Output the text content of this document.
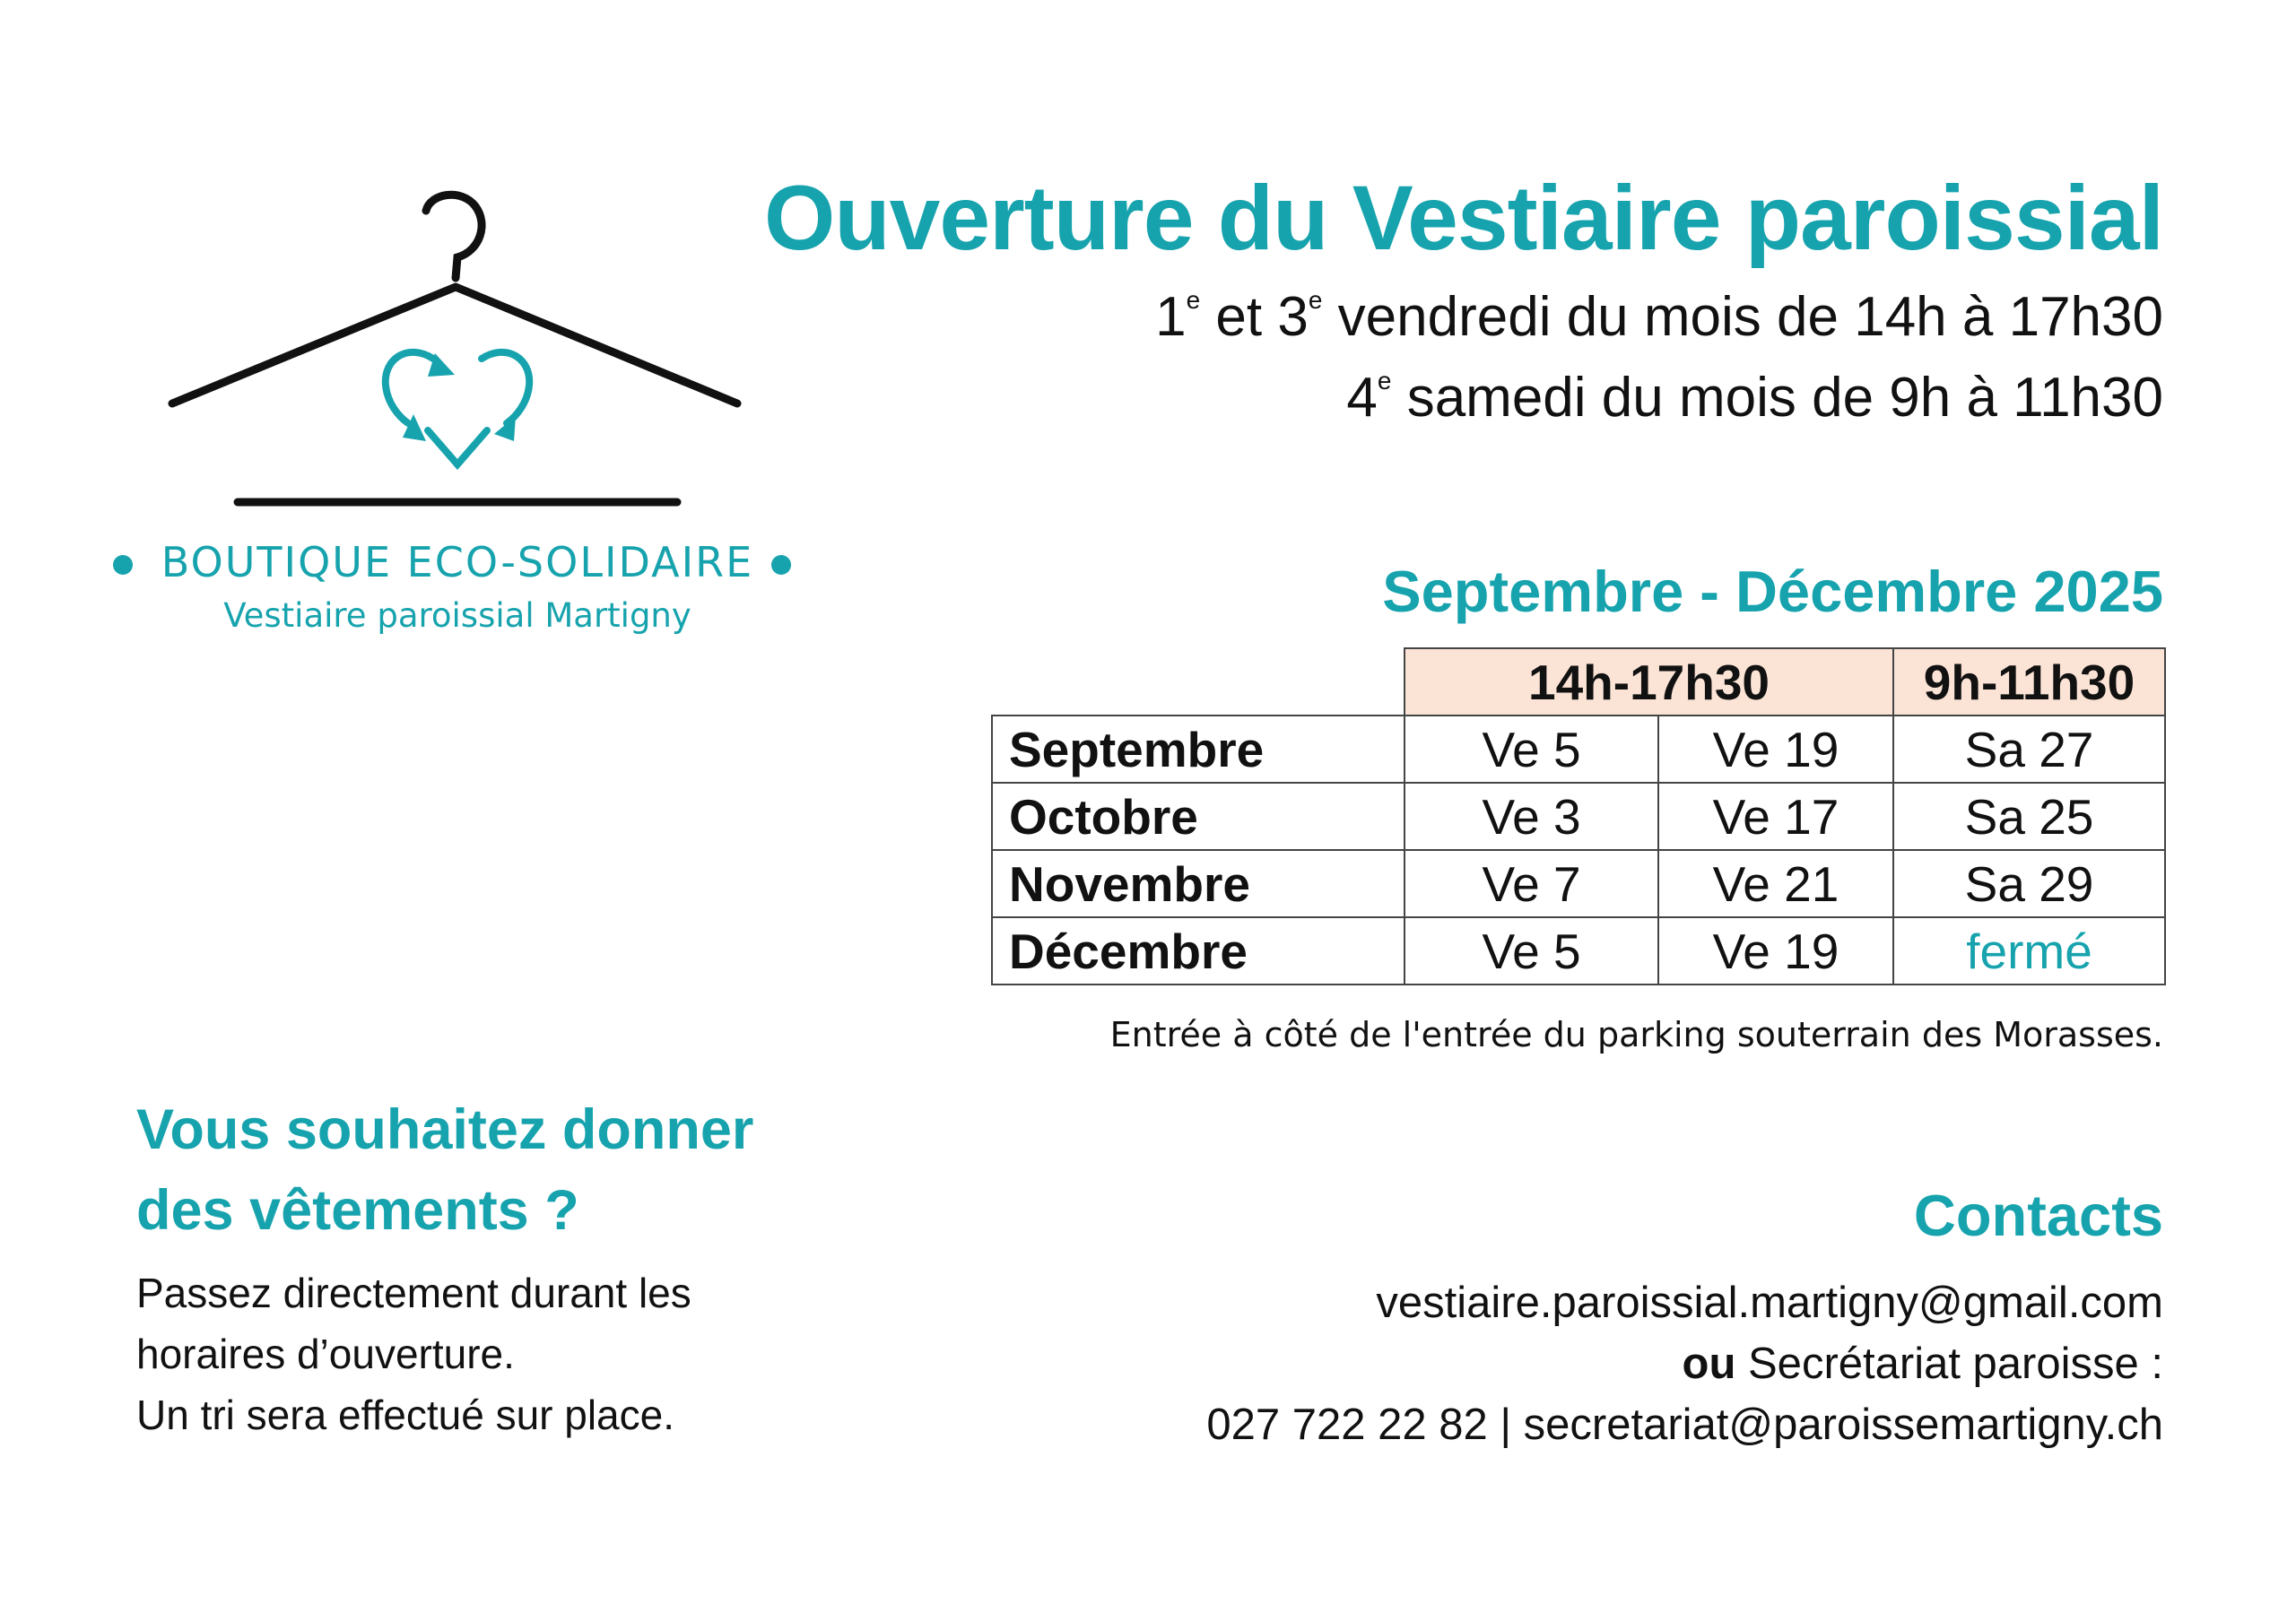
BOUTIQUE ECO-SOLIDAIRE
Vestiaire paroissial Martigny
Ouverture du Vestiaire paroissial
1e et 3e vendredi du mois de 14h à 17h30
4e samedi du mois de 9h à 11h30
Septembre - Décembre 2025
	14h-17h30		9h-11h30
Septembre	Ve 5	Ve 19	Sa 27
Octobre	Ve 3	Ve 17	Sa 25
Novembre	Ve 7	Ve 21	Sa 29
Décembre	Ve 5	Ve 19	fermé
Entrée à côté de l'entrée du parking souterrain des Morasses.
Vous souhaitez donner des vêtements ?
Passez directement durant les
horaires d’ouverture.
Un tri sera effectué sur place.
Contacts
vestiaire.paroissial.martigny@gmail.com
ou Secrétariat paroisse :
027 722 22 82 | secretariat@paroissemartigny.ch
